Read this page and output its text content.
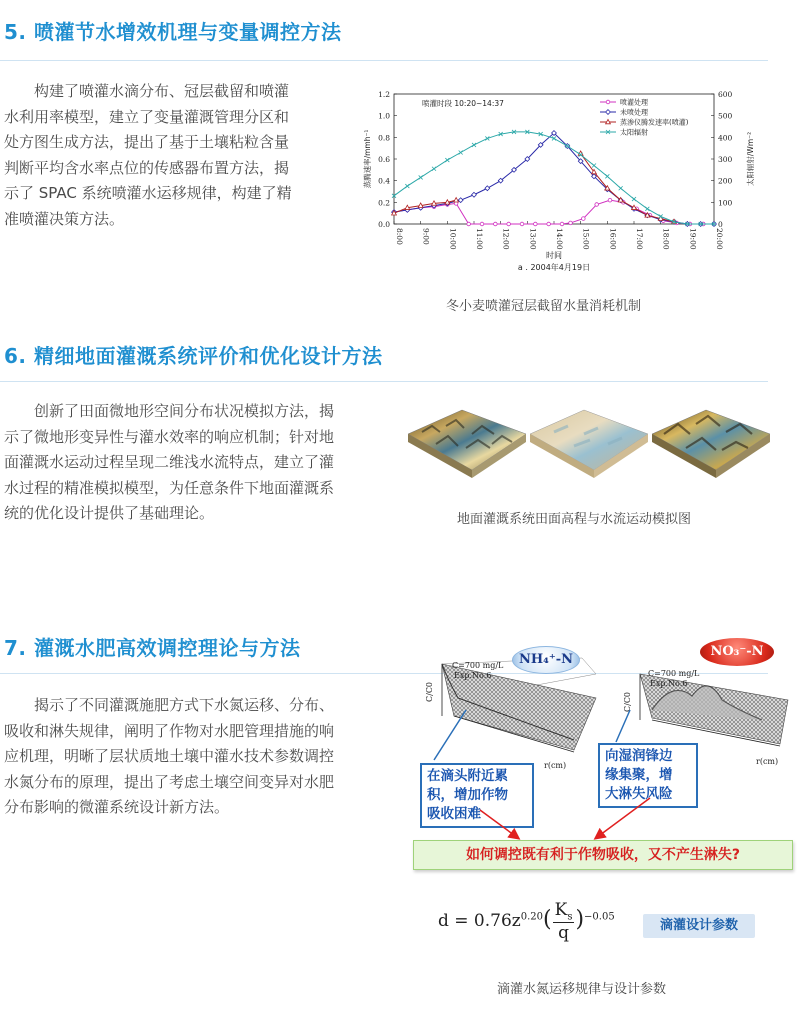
5. 喷灌节水增效机理与变量调控方法
构建了喷灌水滴分布、冠层截留和喷灌
水利用率模型，建立了变量灌溉管理分区和
处方图生成方法，提出了基于土壤粘粒含量
判断平均含水率点位的传感器布置方法，揭
示了 SPAC 系统喷灌水运移规律，构建了精
准喷灌决策方法。	0.0
0.2
0.4
0.6
0.8
1.0
1.2
0
100
200
300
400
500
600
8:00 9:00 10:00 11:00 12:00 13:00 14:00 15:00 16:00 17:00 18:00 19:00 20:00
时间
蒸腾速率/mmh⁻¹	太阳辐射/Wm⁻²
喷灌时段 10:20~14:37
a . 2004年4月19日
喷灌处理
未喷处理
蒸渗仪腾发速率(喷灌)
太阳辐射
冬小麦喷灌冠层截留水量消耗机制
6. 精细地面灌溉系统评价和优化设计方法
创新了田面微地形空间分布状况模拟方法，揭
示了微地形变异性与灌水效率的响应机制；针对地
面灌溉水运动过程呈现二维浅水流特点，建立了灌
水过程的精准模拟模型，为任意条件下地面灌溉系
统的优化设计提供了基础理论。	地面灌溉系统田面高程与水流运动模拟图
7. 灌溉水肥高效调控理论与方法
揭示了不同灌溉施肥方式下水氮运移、分布、
吸收和淋失规律，阐明了作物对水肥管理措施的响
应机理，明晰了层状质地土壤中灌水技术参数调控
水氮分布的原理，提出了考虑土壤空间变异对水肥
分布影响的微灌系统设计新方法。
C/C0
r(cm)
C=700 mg/L
Exp.No.6
NH₄⁺-N
C/C0
r(cm)
C=700 mg/L
Exp.No.6
NO₃⁻-N
在滴头附近累
积，增加作物
吸收困难
向湿润锋边
缘集聚，增
大淋失风险
如何调控既有利于作物吸收，又不产生淋失?
$d = 0.76z^{0.20}( \frac{K_s}{q} )^{-0.05}$
滴灌设计参数
滴灌水氮运移规律与设计参数
